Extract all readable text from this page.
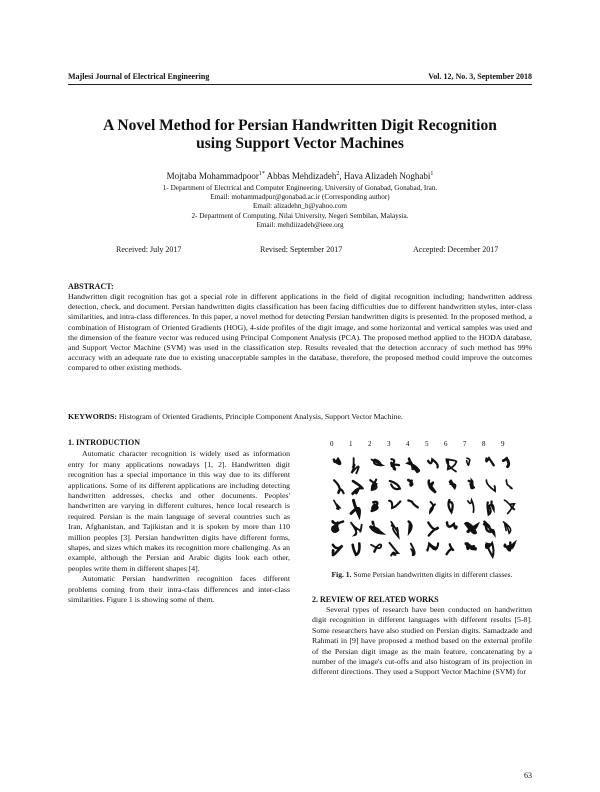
Majlesi Journal of Electrical Engineering	Vol. 12, No. 3, September 2018
A Novel Method for Persian Handwritten Digit Recognition
using Support Vector Machines
Mojtaba Mohammadpoor$^{1*}$ Abbas Mehdizadeh$^2$, Hava Alizadeh Noghabi$^1$
1- Department of Electrical and Computer Engineering, University of Gonabad, Gonabad, Iran.
Email: mohammadpur@gonabad.ac.ir (Corresponding author)
Email: alizadehn_h@yahoo.com
2- Department of Computing, Nilai University, Negeri Sembilan, Malaysia.
Email: mehdiizadeh@ieee.org
Received: July 2017	Revised: September 2017	Accepted: December 2017
ABSTRACT:
Handwritten digit recognition has got a special role in different applications in the field of digital recognition including; handwritten address detection, check, and document. Persian handwritten digits classification has been facing difficulties due to different handwritten styles, inter-class similarities, and intra-class differences. In this paper, a novel method for detecting Persian handwritten digits is presented. In the proposed method, a combination of Histogram of Oriented Gradients (HOG), 4-side profiles of the digit image, and some horizontal and vertical samples was used and the dimension of the feature vector was reduced using Principal Component Analysis (PCA). The proposed method applied to the HODA database, and Support Vector Machine (SVM) was used in the classification step. Results revealed that the detection accuracy of such method has 99% accuracy with an adequate rate due to existing unacceptable samples in the database, therefore, the proposed method could improve the outcomes compared to other existing methods.
KEYWORDS: Histogram of Oriented Gradients, Principle Component Analysis, Support Vector Machine.
1. INTRODUCTION

Automatic character recognition is widely used as information entry for many applications nowadays [1, 2]. Handwritten digit recognition has a special importance in this way due to its different applications. Some of its different applications are including detecting handwritten addresses, checks and other documents. Peoples' handwritten are varying in different cultures, hence local research is required. Persian is the main language of several countries such as Iran, Afghanistan, and Tajikistan and it is spoken by more than 110 million peoples [3]. Persian handwritten digits have different forms, shapes, and sizes which makes its recognition more challenging. As an example, although the Persian and Arabic digits look each other, peoples write them in different shapes [4].

Automatic Persian handwritten recognition faces different problems coming from their intra-class differences and inter-class similarities. Figure 1 is showing some of them.

0 1 2 3 4 5 6 7 8 9
Fig. 1. Some Persian handwritten digits in different classes.
2. REVIEW OF RELATED WORKS

Several types of research have been conducted on handwritten digit recognition in different languages with different results [5-8]. Some researchers have also studied on Persian digits. Samadzade and Rahmati in [9] have proposed a method based on the external profile of the Persian digit image as the main feature, concatenating by a number of the image's cut-offs and also histogram of its projection in different directions. They used a Support Vector Machine (SVM) for

63
